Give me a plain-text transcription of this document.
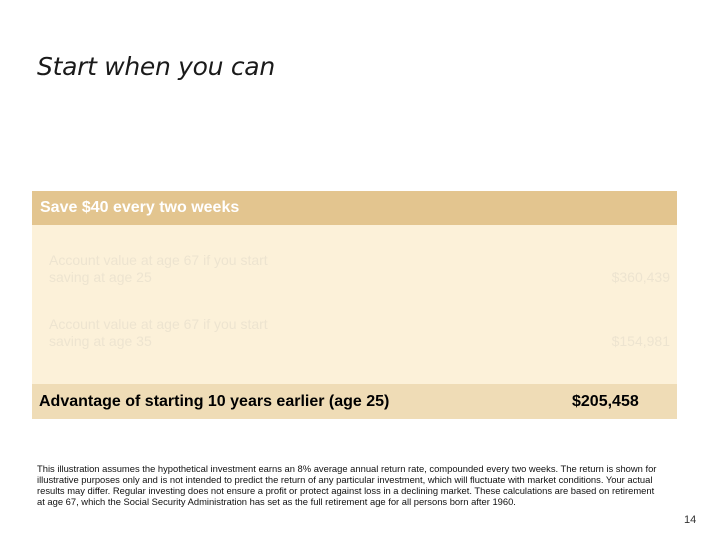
Start when you can
Save $40 every two weeks
Account value at age 67 if you start saving at age 25	$360,439
Account value at age 67 if you start saving at age 35	$154,981
Advantage of starting 10 years earlier (age 25)	$205,458
This illustration assumes the hypothetical investment earns an 8% average annual return rate, compounded every two weeks. The return is shown for illustrative purposes only and is not intended to predict the return of any particular investment, which will fluctuate with market conditions. Your actual results may differ. Regular investing does not ensure a profit or protect against loss in a declining market. These calculations are based on retirement at age 67, which the Social Security Administration has set as the full retirement age for all persons born after 1960.
14
